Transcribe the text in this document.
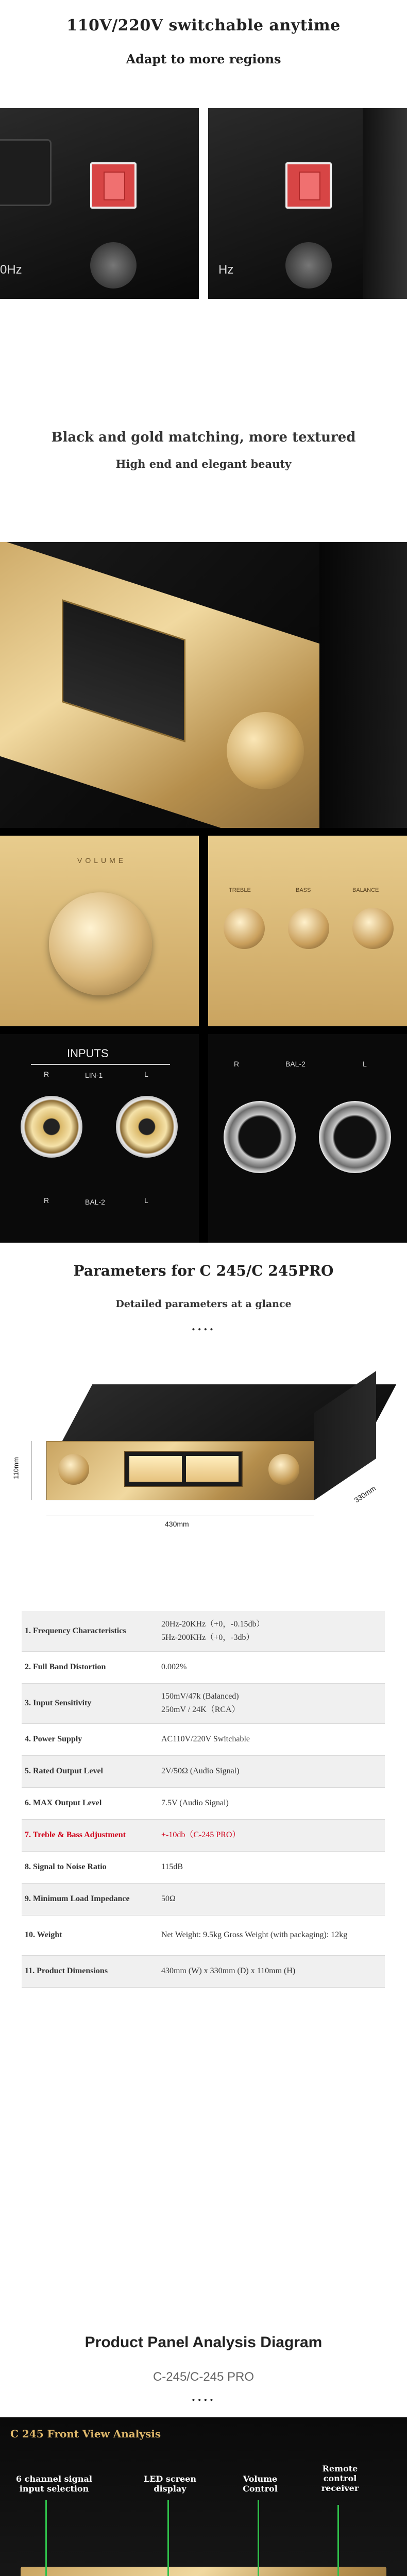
110V/220V switchable anytime
Adapt to more regions
0Hz	Hz
Black and gold matching, more textured
High end and elegant beauty
VOLUME
TREBLE	BASS	BALANCE
INPUTS
R	LIN-1	L
R	BAL-2	L
R	BAL-2	L
Parameters for C 245/C 245PRO
Detailed parameters at a glance
....
110mm
430mm
330mm
1. Frequency Characteristics	20Hz-20KHz（+0，-0.15db）
5Hz-200KHz（+0，-3db）
2. Full Band Distortion	0.002%
3. Input Sensitivity	150mV/47k (Balanced)
250mV / 24K（RCA）
4. Power Supply	AC110V/220V Switchable
5. Rated Output Level	2V/50Ω (Audio Signal)
6. MAX Output Level	7.5V (Audio Signal)
7. Treble & Bass Adjustment	+-10db（C-245 PRO）
8. Signal to Noise Ratio	115dB
9. Minimum Load Impedance	50Ω
10. Weight	Net Weight: 9.5kg Gross Weight (with packaging): 12kg
11. Product Dimensions	430mm (W) x 330mm (D) x 110mm (H)
Product Panel Analysis Diagram
C-245/C-245 PRO
....
C 245 Front View Analysis
6 channel signal input selection
LED screen display
Volume Control
Remote control receiver
